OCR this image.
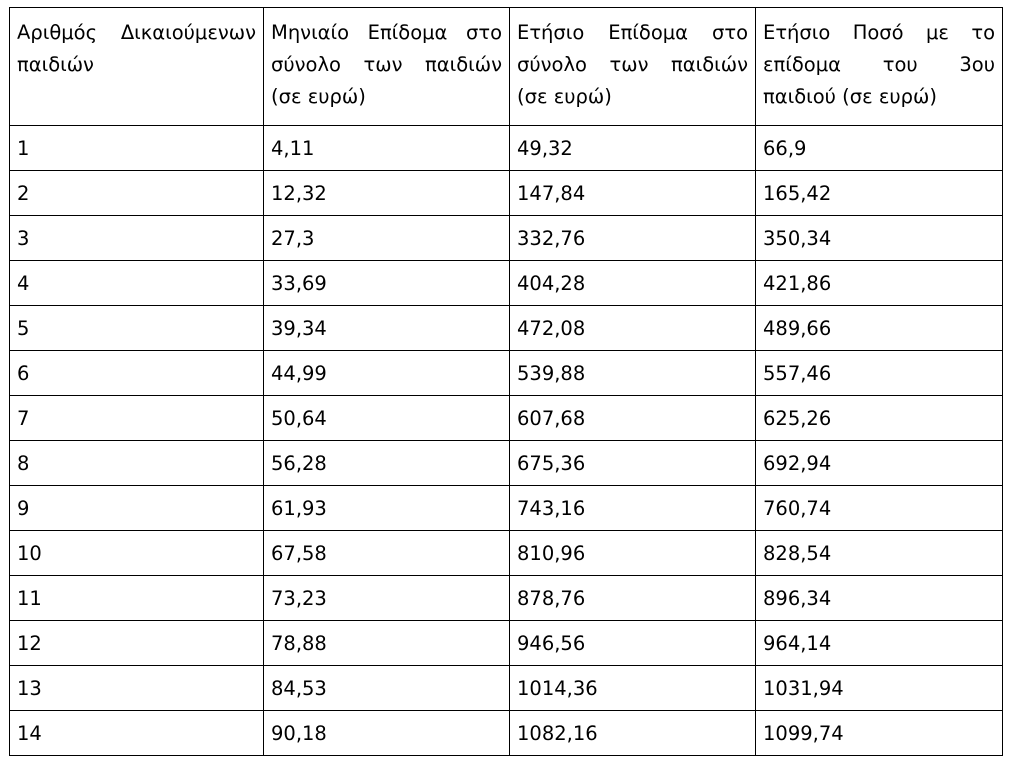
Αριθμός Δικαιούμενων παιδιών	Μηνιαίο Επίδομα στο σύνολο των παιδιών (σε ευρώ)	Ετήσιο Επίδομα στο σύνολο των παιδιών (σε ευρώ)	Ετήσιο Ποσό με το επίδομα του 3ου παιδιού (σε ευρώ)
1	4,11	49,32	66,9
2	12,32	147,84	165,42
3	27,3	332,76	350,34
4	33,69	404,28	421,86
5	39,34	472,08	489,66
6	44,99	539,88	557,46
7	50,64	607,68	625,26
8	56,28	675,36	692,94
9	61,93	743,16	760,74
10	67,58	810,96	828,54
11	73,23	878,76	896,34
12	78,88	946,56	964,14
13	84,53	1014,36	1031,94
14	90,18	1082,16	1099,74
